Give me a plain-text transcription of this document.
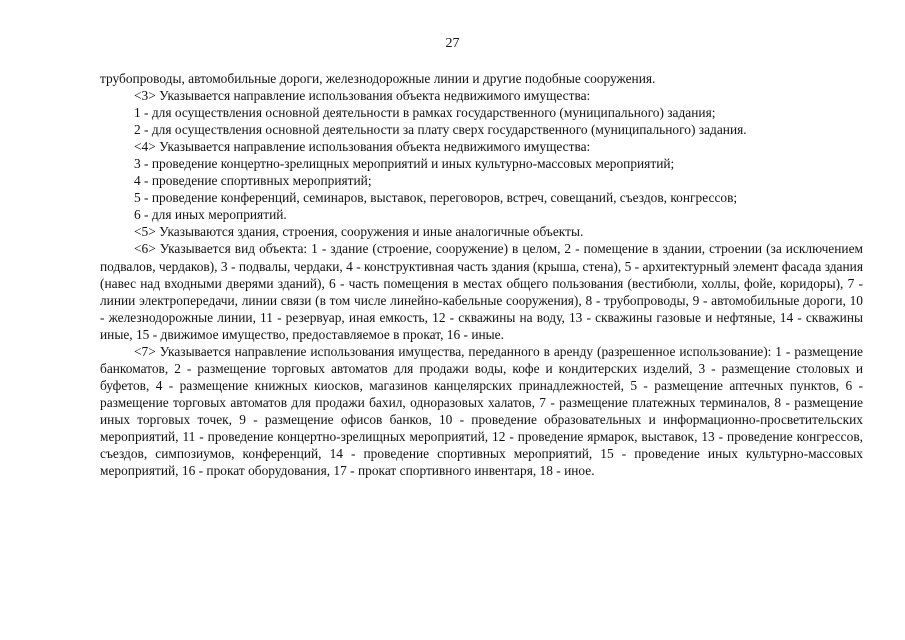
27

трубопроводы, автомобильные дороги, железнодорожные линии и другие подобные сооружения.

<3> Указывается направление использования объекта недвижимого имущества:

1 - для осуществления основной деятельности в рамках государственного (муниципального) задания;

2 - для осуществления основной деятельности за плату сверх государственного (муниципального) задания.

<4> Указывается направление использования объекта недвижимого имущества:

3 - проведение концертно-зрелищных мероприятий и иных культурно-массовых мероприятий;

4 - проведение спортивных мероприятий;

5 - проведение конференций, семинаров, выставок, переговоров, встреч, совещаний, съездов, конгрессов;

6 - для иных мероприятий.

<5> Указываются здания, строения, сооружения и иные аналогичные объекты.

<6> Указывается вид объекта: 1 - здание (строение, сооружение) в целом, 2 - помещение в здании, строении (за исключением подвалов, чердаков), 3 - подвалы, чердаки, 4 - конструктивная часть здания (крыша, стена), 5 - архитектурный элемент фасада здания (навес над входными дверями зданий), 6 - часть помещения в местах общего пользования (вестибюли, холлы, фойе, коридоры), 7 - линии электропередачи, линии связи (в том числе линейно-кабельные сооружения), 8 - трубопроводы, 9 - автомобильные дороги, 10 - железнодорожные линии, 11 - резервуар, иная емкость, 12 - скважины на воду, 13 - скважины газовые и нефтяные, 14 - скважины иные, 15 - движимое имущество, предоставляемое в прокат, 16 - иные.

<7> Указывается направление использования имущества, переданного в аренду (разрешенное использование): 1 - размещение банкоматов, 2 - размещение торговых автоматов для продажи воды, кофе и кондитерских изделий, 3 - размещение столовых и буфетов, 4 - размещение книжных киосков, магазинов канцелярских принадлежностей, 5 - размещение аптечных пунктов, 6 - размещение торговых автоматов для продажи бахил, одноразовых халатов, 7 - размещение платежных терминалов, 8 - размещение иных торговых точек, 9 - размещение офисов банков, 10 - проведение образовательных и информационно-просветительских мероприятий, 11 - проведение концертно-зрелищных мероприятий, 12 - проведение ярмарок, выставок, 13 - проведение конгрессов, съездов, симпозиумов, конференций, 14 - проведение спортивных мероприятий, 15 - проведение иных культурно-массовых мероприятий, 16 - прокат оборудования, 17 - прокат спортивного инвентаря, 18 - иное.
